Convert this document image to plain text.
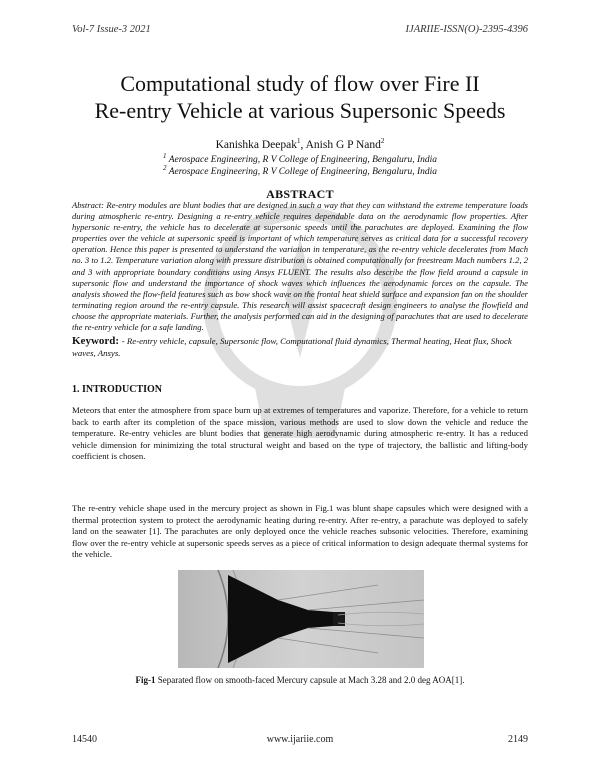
Vol-7 Issue-3 2021	IJARIIE-ISSN(O)-2395-4396
Computational study of flow over Fire II
Re-entry Vehicle at various Supersonic Speeds
Kanishka Deepak$^1$, Anish G P Nand$^2$
$^1$ Aerospace Engineering, R V College of Engineering, Bengaluru, India
$^2$ Aerospace Engineering, R V College of Engineering, Bengaluru, India
ABSTRACT
Abstract: Re-entry modules are blunt bodies that are designed in such a way that they can withstand the extreme temperature loads during atmospheric re-entry. Designing a re-entry vehicle requires dependable data on the aerodynamic flow properties. After hypersonic re-entry, the vehicle has to decelerate at supersonic speeds until the parachutes are deployed. Examining the flow properties over the vehicle at supersonic speed is important of which temperature serves as critical data for a successful recovery operation. Hence this paper is presented to understand the variation in temperature, as the re-entry vehicle decelerates from Mach no. 3 to 1.2. Temperature variation along with pressure distribution is obtained computationally for freestream Mach numbers 1.2, 2 and 3 with appropriate boundary conditions using Ansys FLUENT. The results also describe the flow field around a capsule in supersonic flow and understand the importance of shock waves which influences the aerodynamic forces on the capsule. The analysis showed the flow-field features such as bow shock wave on the frontal heat shield surface and expansion fan on the shoulder terminating region around the re-entry capsule. This research will assist spacecraft design engineers to analyse the flowfield and choose the appropriate materials. Further, the analysis performed can aid in the designing of parachutes that are used to decelerate the re-entry vehicle for a safe landing.
Keyword: - Re-entry vehicle, capsule, Supersonic flow, Computational fluid dynamics, Thermal heating, Heat flux, Shock waves, Ansys.
1. INTRODUCTION
Meteors that enter the atmosphere from space burn up at extremes of temperatures and vaporize. Therefore, for a vehicle to return back to earth after its completion of the space mission, various methods are used to slow down the vehicle and reduce the temperature. Re-entry vehicles are blunt bodies that generate high aerodynamic during atmospheric re-entry. It has a reduced vehicle dimension for minimizing the total structural weight and based on the type of trajectory, the ballistic and lifting-body coefficient is chosen.
The re-entry vehicle shape used in the mercury project as shown in Fig.1 was blunt shape capsules which were designed with a thermal protection system to protect the aerodynamic heating during re-entry. After re-entry, a parachute was deployed to safely land on the seawater [1]. The parachutes are only deployed once the vehicle reaches subsonic velocities. Therefore, examining flow over the re-entry vehicle at supersonic speeds serves as a piece of critical information to design adequate thermal systems for the vehicle.
Fig-1 Separated flow on smooth-faced Mercury capsule at Mach 3.28 and 2.0 deg AOA[1].
14540	www.ijariie.com	2149
